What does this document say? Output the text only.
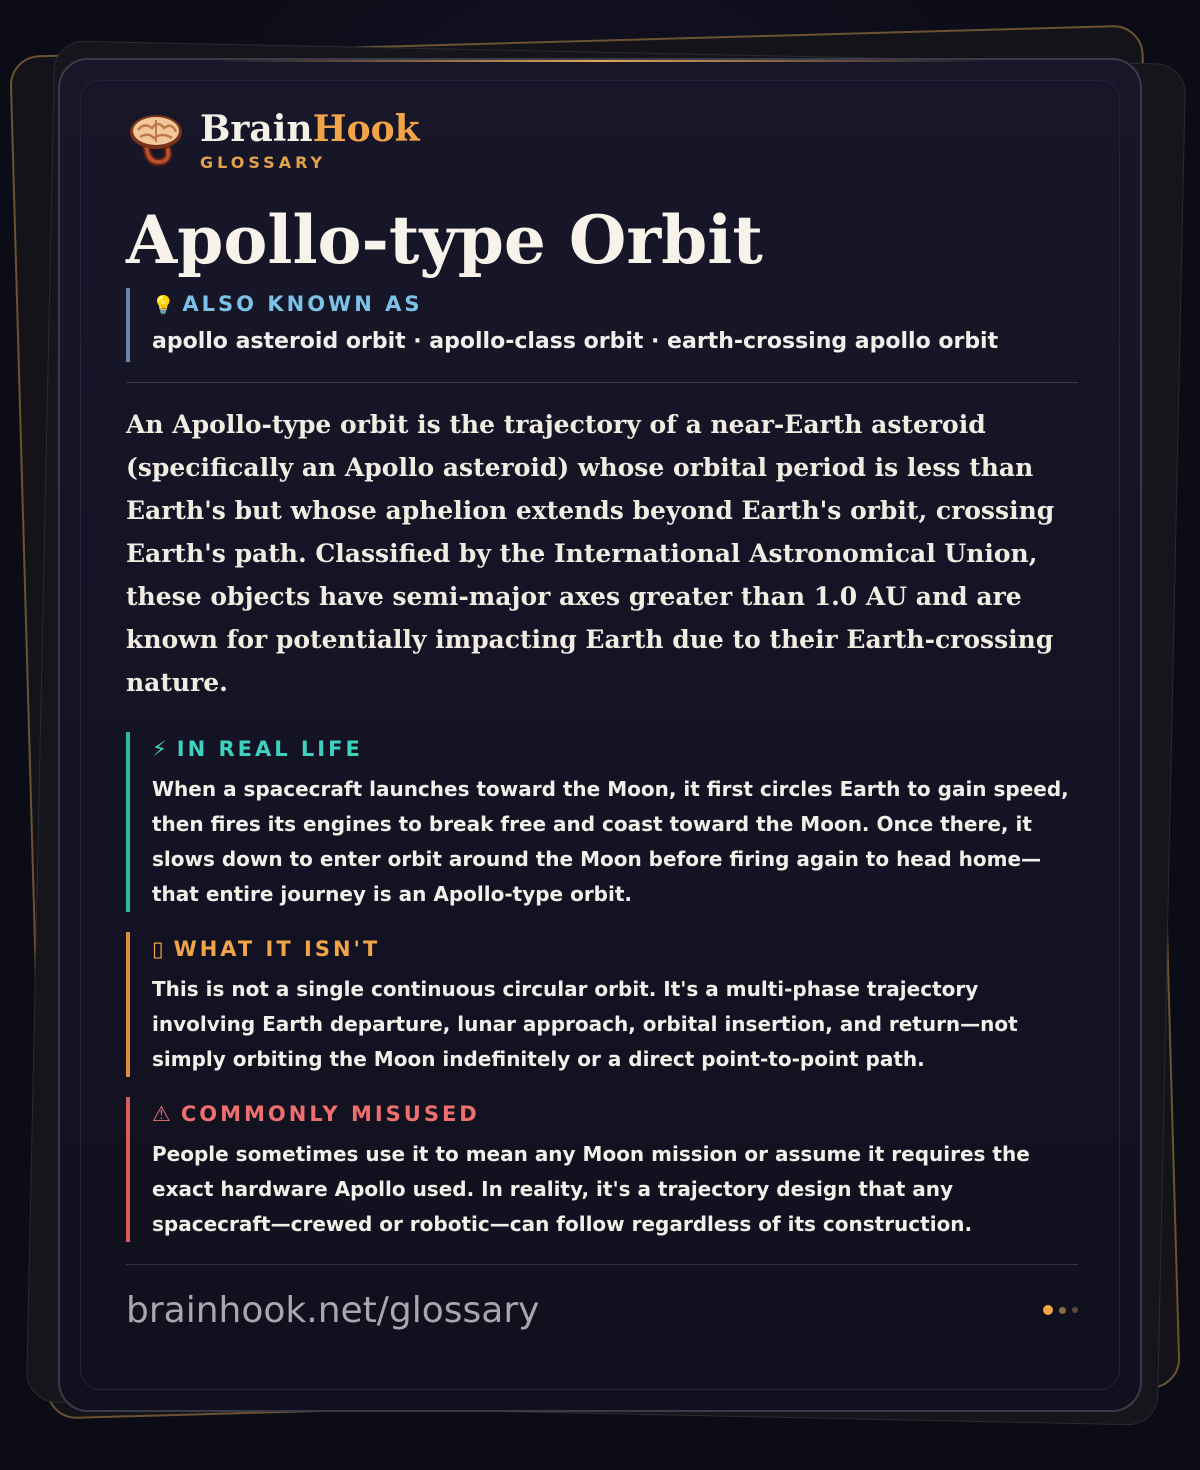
BrainHook
GLOSSARY
Apollo-type Orbit
💡 ALSO KNOWN AS
apollo asteroid orbit · apollo-class orbit · earth-crossing apollo orbit
An Apollo-type orbit is the trajectory of a near-Earth asteroid (specifically an Apollo asteroid) whose orbital period is less than Earth's but whose aphelion extends beyond Earth's orbit, crossing Earth's path. Classified by the International Astronomical Union, these objects have semi-major axes greater than 1.0 AU and are known for potentially impacting Earth due to their Earth-crossing nature.
⚡ IN REAL LIFE
When a spacecraft launches toward the Moon, it first circles Earth to gain speed, then fires its engines to break free and coast toward the Moon. Once there, it slows down to enter orbit around the Moon before firing again to head home—that entire journey is an Apollo-type orbit.
▯ WHAT IT ISN'T
This is not a single continuous circular orbit. It's a multi-phase trajectory involving Earth departure, lunar approach, orbital insertion, and return—not simply orbiting the Moon indefinitely or a direct point-to-point path.
⚠ COMMONLY MISUSED
People sometimes use it to mean any Moon mission or assume it requires the exact hardware Apollo used. In reality, it's a trajectory design that any spacecraft—crewed or robotic—can follow regardless of its construction.
brainhook.net/glossary
